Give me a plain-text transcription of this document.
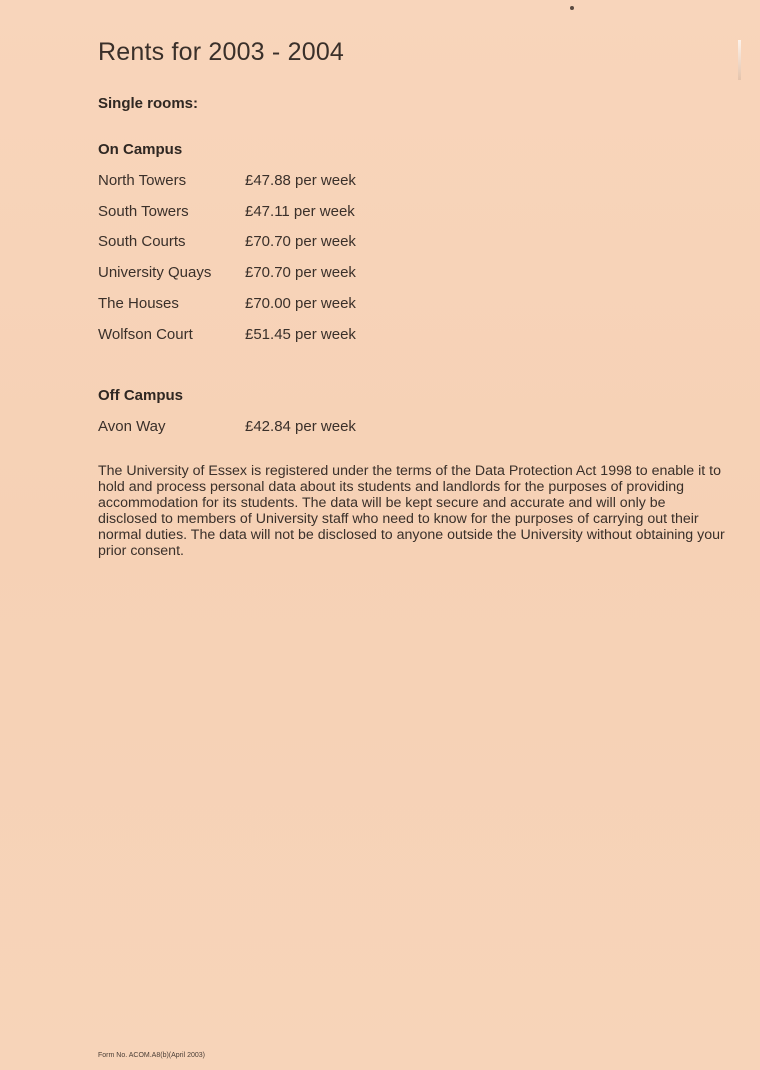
Rents for 2003 - 2004
Single rooms:
On Campus
North Towers	£47.88 per week
South Towers	£47.11 per week
South Courts	£70.70 per week
University Quays £70.70 per week
The Houses	£70.00 per week
Wolfson Court	£51.45 per week
Off Campus
Avon Way	£42.84 per week
The University of Essex is registered under the terms of the Data Protection Act 1998 to enable it to hold and process personal data about its students and landlords for the purposes of providing accommodation for its students. The data will be kept secure and accurate and will only be disclosed to members of University staff who need to know for the purposes of carrying out their normal duties. The data will not be disclosed to anyone outside the University without obtaining your prior consent.
Form No. ACOM.A8(b)(April 2003)
